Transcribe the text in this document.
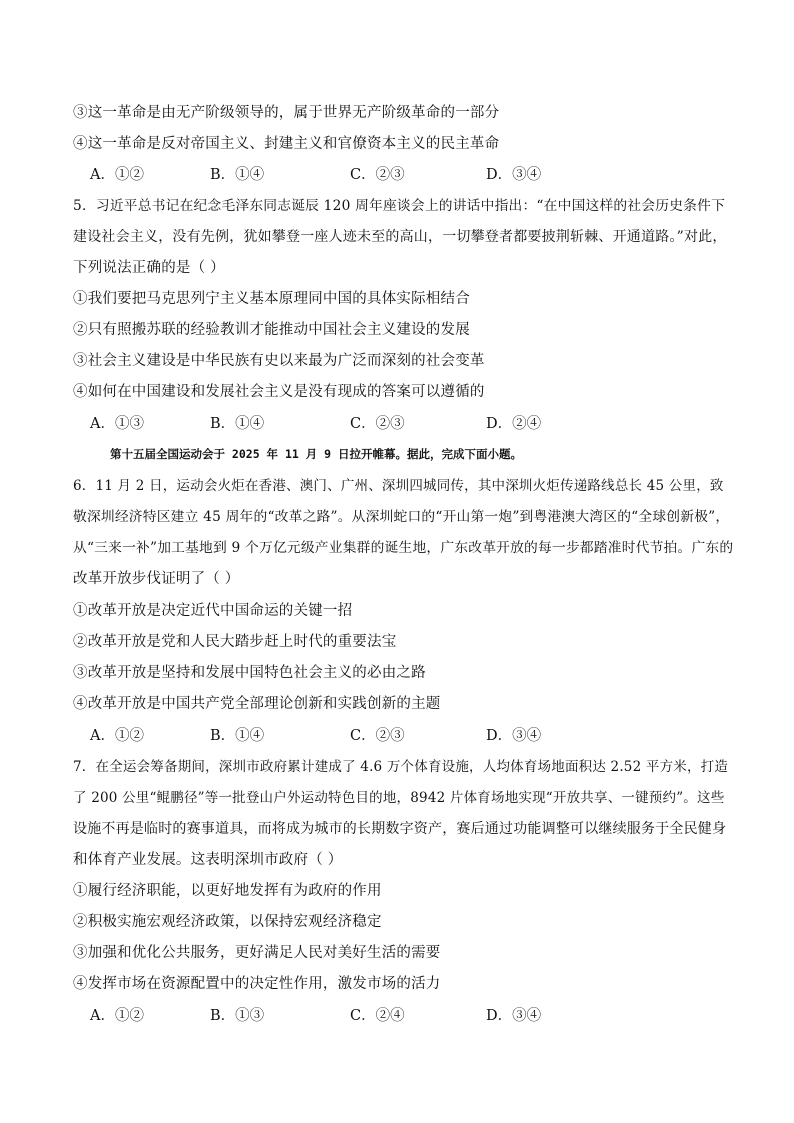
③这一革命是由无产阶级领导的，属于世界无产阶级革命的一部分
④这一革命是反对帝国主义、封建主义和官僚资本主义的民主革命
A．①②	B．①④	C．②③	D．③④
5．习近平总书记在纪念毛泽东同志诞辰 120 周年座谈会上的讲话中指出：“在中国这样的社会历史条件下
建设社会主义，没有先例，犹如攀登一座人迹未至的高山，一切攀登者都要披荆斩棘、开通道路。”对此，
下列说法正确的是（ ）
①我们要把马克思列宁主义基本原理同中国的具体实际相结合
②只有照搬苏联的经验教训才能推动中国社会主义建设的发展
③社会主义建设是中华民族有史以来最为广泛而深刻的社会变革
④如何在中国建设和发展社会主义是没有现成的答案可以遵循的
A．①③	B．①④	C．②③	D．②④
第十五届全国运动会于 2025 年 11 月 9 日拉开帷幕。据此，完成下面小题。
6．11 月 2 日，运动会火炬在香港、澳门、广州、深圳四城同传，其中深圳火炬传递路线总长 45 公里，致
敬深圳经济特区建立 45 周年的“改革之路”。从深圳蛇口的“开山第一炮”到粤港澳大湾区的“全球创新极”，
从“三来一补”加工基地到 9 个万亿元级产业集群的诞生地，广东改革开放的每一步都踏准时代节拍。广东的
改革开放步伐证明了（ ）
①改革开放是决定近代中国命运的关键一招
②改革开放是党和人民大踏步赶上时代的重要法宝
③改革开放是坚持和发展中国特色社会主义的必由之路
④改革开放是中国共产党全部理论创新和实践创新的主题
A．①②	B．①④	C．②③	D．③④
7．在全运会筹备期间，深圳市政府累计建成了 4.6 万个体育设施，人均体育场地面积达 2.52 平方米，打造
了 200 公里“鲲鹏径”等一批登山户外运动特色目的地，8942 片体育场地实现“开放共享、一键预约”。这些
设施不再是临时的赛事道具，而将成为城市的长期数字资产，赛后通过功能调整可以继续服务于全民健身
和体育产业发展。这表明深圳市政府（ ）
①履行经济职能，以更好地发挥有为政府的作用
②积极实施宏观经济政策，以保持宏观经济稳定
③加强和优化公共服务，更好满足人民对美好生活的需要
④发挥市场在资源配置中的决定性作用，激发市场的活力
A．①②	B．①③	C．②④	D．③④
